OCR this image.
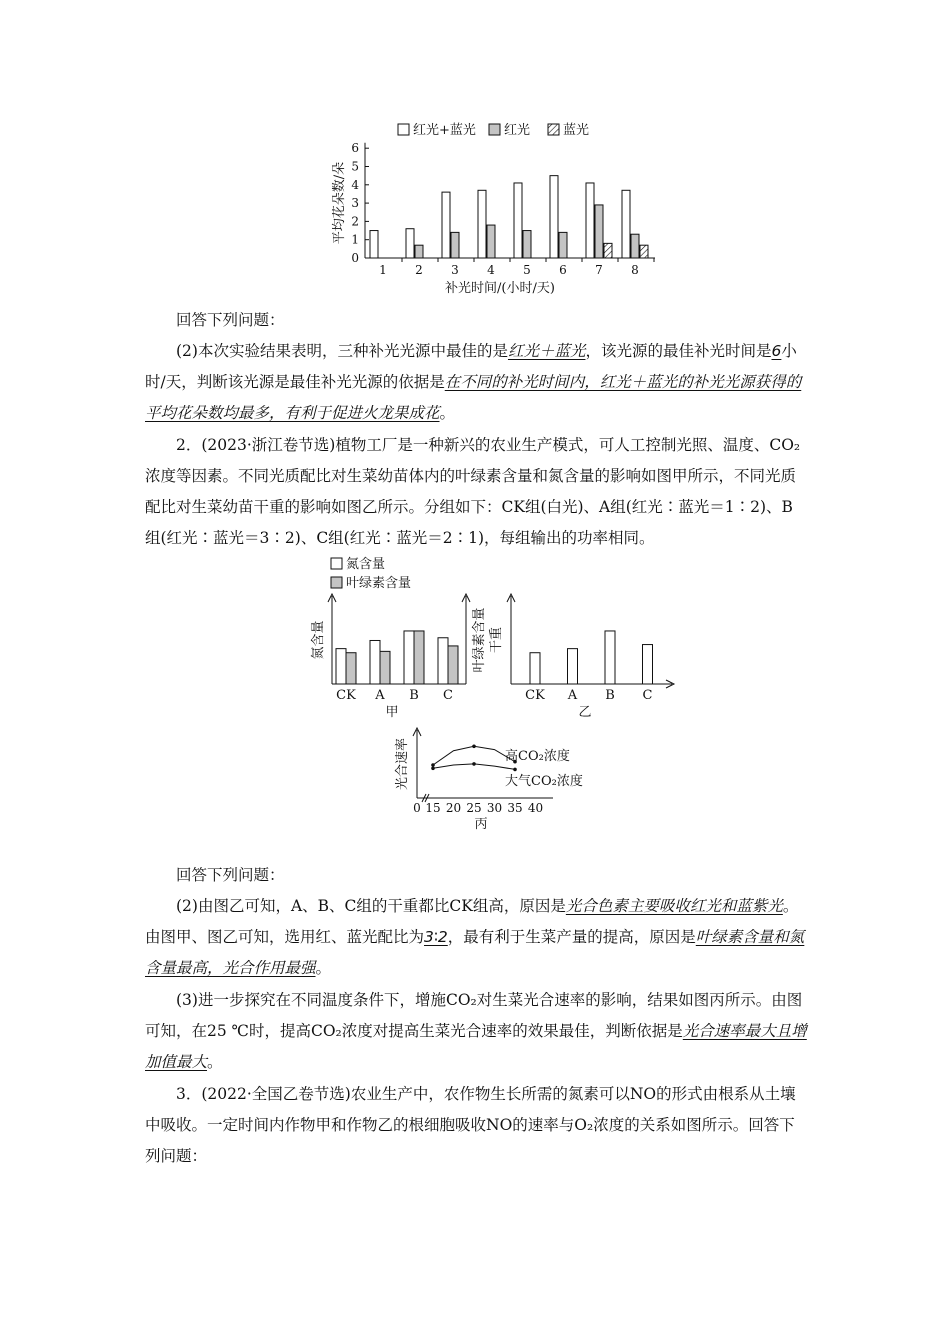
红光+蓝光 红光	蓝光
0
1
2
3
4
5
6
平均花朵数/朵
1 2 3 4 5 6 7 8
补光时间/(小时/天)

回答下列问题：

(2)本次实验结果表明，三种补光光源中最佳的是红光＋蓝光，该光源的最佳补光时间是6小时/天，判断该光源是最佳补光光源的依据是在不同的补光时间内，红光＋蓝光的补光光源获得的平均花朵数均最多，有利于促进火龙果成花。

2．(2023·浙江卷节选)植物工厂是一种新兴的农业生产模式，可人工控制光照、温度、CO₂浓度等因素。不同光质配比对生菜幼苗体内的叶绿素含量和氮含量的影响如图甲所示，不同光质配比对生菜幼苗干重的影响如图乙所示。分组如下：CK组(白光)、A组(红光∶蓝光＝1∶2)、B组(红光∶蓝光＝3∶2)、C组(红光∶蓝光＝2∶1)，每组输出的功率相同。

氮含量
叶绿素含量
氮含量	叶绿素含量
CK A B C
甲
干重
CK A B C
乙
光合速率
0 15 20 25 30 35 40
高CO₂浓度
大气CO₂浓度
丙

回答下列问题：

(2)由图乙可知，A、B、C组的干重都比CK组高，原因是光合色素主要吸收红光和蓝紫光。由图甲、图乙可知，选用红、蓝光配比为3∶2，最有利于生菜产量的提高，原因是叶绿素含量和氮含量最高，光合作用最强。

(3)进一步探究在不同温度条件下，增施CO₂对生菜光合速率的影响，结果如图丙所示。由图可知，在25 ℃时，提高CO₂浓度对提高生菜光合速率的效果最佳，判断依据是光合速率最大且增加值最大。

3．(2022·全国乙卷节选)农业生产中，农作物生长所需的氮素可以NO的形式由根系从土壤中吸收。一定时间内作物甲和作物乙的根细胞吸收NO的速率与O₂浓度的关系如图所示。回答下列问题：
